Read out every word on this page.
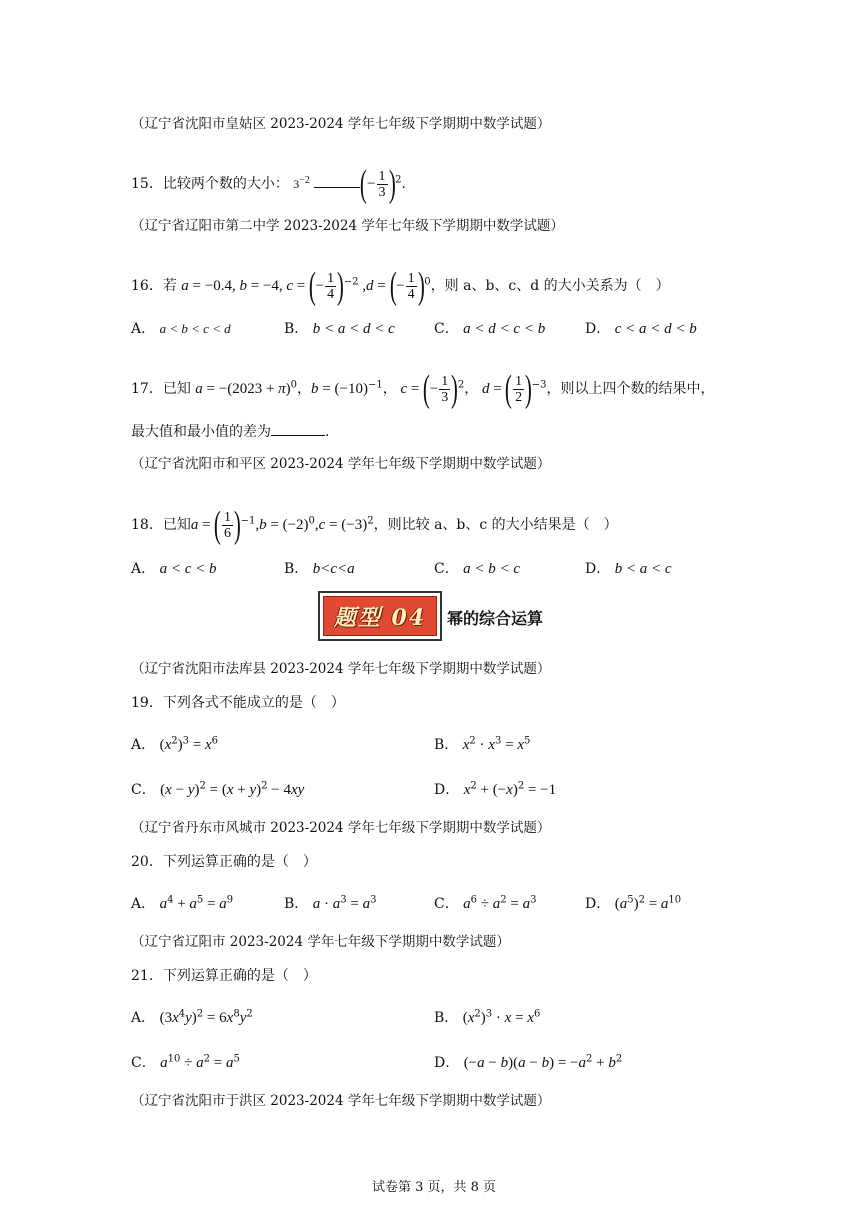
（辽宁省沈阳市皇姑区 2023-2024 学年七年级下学期期中数学试题）
15．比较两个数的大小： $3^{-2}$ (− $\frac{1}{3} )^2$．
（辽宁省辽阳市第二中学 2023-2024 学年七年级下学期期中数学试题）
16．若 a = −0.4, b = −4, c = (− $\frac{1}{4} )^{-2}$ ,d = (− $\frac{1}{4} )^0$，则 a、b、c、d 的大小关系为（　）
A． a < b < c < d	B． b < a < d < c	C． a < d < c < b	D． c < a < d < b
17．已知 $a = -(2023 + \pi)^0$，$b = (-10)^{-1}$， c = (− $\frac{1}{3} )^2$， d = ( $\frac{1}{2} )^{-3}$，则以上四个数的结果中，
最大值和最小值的差为	.
（辽宁省沈阳市和平区 2023-2024 学年七年级下学期期中数学试题）
18．已知a = ( $\frac{1}{6} )^{-1},b = (-2)^0,c = (-3)^2$，则比较 a、b、c 的大小结果是（　）
A． a < c < b	B． b<c<a	C． a < b < c	D． b < a < c
题型 04 幂的综合运算
（辽宁省沈阳市法库县 2023-2024 学年七年级下学期期中数学试题）
19．下列各式不能成立的是（　）
A． $(x^2)^3 = x^6$	B． $x^2 \cdot x^3 = x^5$
C． $(x - y)^2 = (x + y)^2 - 4xy$	D． $x^2 + (-x)^2 = -1$
（辽宁省丹东市风城市 2023-2024 学年七年级下学期期中数学试题）
20．下列运算正确的是（　）
A． $a^4 + a^5 = a^9$	B． $a \cdot a^3 = a^3$	C． $a^6 \div a^2 = a^3$	D． $(a^5)^2 = a^{10}$
（辽宁省辽阳市 2023-2024 学年七年级下学期期中数学试题）
21．下列运算正确的是（　）
A． $(3x^4y)^2 = 6x^8y^2$	B． $(x^2)^3 \cdot x = x^6$
C． $a^{10} \div a^2 = a^5$	D． $(-a - b)(a - b) = -a^2 + b^2$
（辽宁省沈阳市于洪区 2023-2024 学年七年级下学期期中数学试题）
试卷第 3 页，共 8 页
